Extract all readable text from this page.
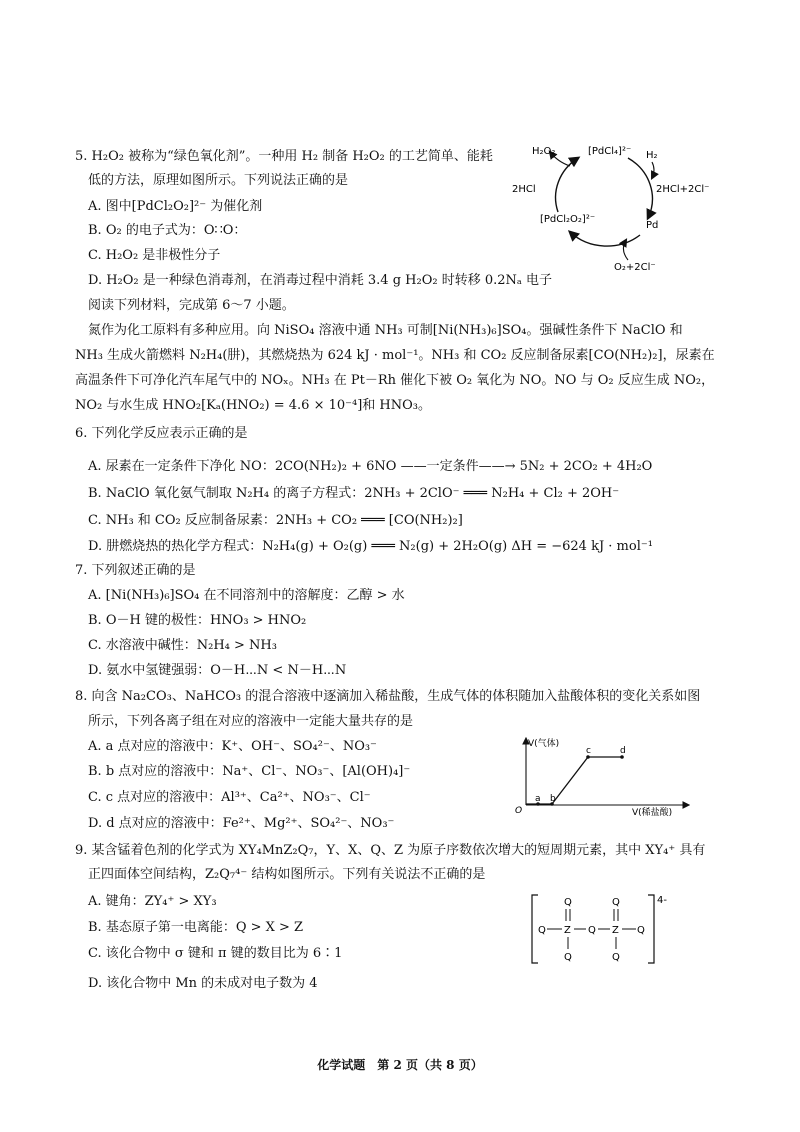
5. H₂O₂ 被称为“绿色氧化剂”。一种用 H₂ 制备 H₂O₂ 的工艺简单、能耗
低的方法，原理如图所示。下列说法正确的是
A. 图中[PdCl₂O₂]²⁻ 为催化剂
B. O₂ 的电子式为：O∷O：
C. H₂O₂ 是非极性分子
D. H₂O₂ 是一种绿色消毒剂，在消毒过程中消耗 3.4 g H₂O₂ 时转移 0.2Nₐ 电子
[PdCl₄]²⁻
H₂O₂	H₂
2HCl	2HCl+2Cl⁻
[PdCl₂O₂]²⁻
Pd
O₂+2Cl⁻
阅读下列材料，完成第 6～7 小题。
氮作为化工原料有多种应用。向 NiSO₄ 溶液中通 NH₃ 可制[Ni(NH₃)₆]SO₄。强碱性条件下 NaClO 和
NH₃ 生成火箭燃料 N₂H₄(肼)，其燃烧热为 624 kJ · mol⁻¹。NH₃ 和 CO₂ 反应制备尿素[CO(NH₂)₂]，尿素在
高温条件下可净化汽车尾气中的 NOₓ。NH₃ 在 Pt－Rh 催化下被 O₂ 氧化为 NO。NO 与 O₂ 反应生成 NO₂，
NO₂ 与水生成 HNO₂[Kₐ(HNO₂) = 4.6 × 10⁻⁴]和 HNO₃。
6. 下列化学反应表示正确的是
A. 尿素在一定条件下净化 NO：2CO(NH₂)₂ + 6NO ——一定条件——→ 5N₂ + 2CO₂ + 4H₂O
B. NaClO 氧化氨气制取 N₂H₄ 的离子方程式：2NH₃ + 2ClO⁻ ═══ N₂H₄ + Cl₂ + 2OH⁻
C. NH₃ 和 CO₂ 反应制备尿素：2NH₃ + CO₂ ═══ [CO(NH₂)₂]
D. 肼燃烧热的热化学方程式：N₂H₄(g) + O₂(g) ═══ N₂(g) + 2H₂O(g) ΔH = −624 kJ · mol⁻¹
7. 下列叙述正确的是
A. [Ni(NH₃)₆]SO₄ 在不同溶剂中的溶解度：乙醇 > 水
B. O－H 键的极性：HNO₃ > HNO₂
C. 水溶液中碱性：N₂H₄ > NH₃
D. 氨水中氢键强弱：O－H⋯N < N－H⋯N
8. 向含 Na₂CO₃、NaHCO₃ 的混合溶液中逐滴加入稀盐酸，生成气体的体积随加入盐酸体积的变化关系如图
所示，下列各离子组在对应的溶液中一定能大量共存的是
A. a 点对应的溶液中：K⁺、OH⁻、SO₄²⁻、NO₃⁻
B. b 点对应的溶液中：Na⁺、Cl⁻、NO₃⁻、[Al(OH)₄]⁻
C. c 点对应的溶液中：Al³⁺、Ca²⁺、NO₃⁻、Cl⁻
D. d 点对应的溶液中：Fe²⁺、Mg²⁺、SO₄²⁻、NO₃⁻
V(气体)
V(稀盐酸)
O
a b
c	d
9. 某含锰着色剂的化学式为 XY₄MnZ₂Q₇，Y、X、Q、Z 为原子序数依次增大的短周期元素，其中 XY₄⁺ 具有
正四面体空间结构，Z₂Q₇⁴⁻ 结构如图所示。下列有关说法不正确的是
A. 键角：ZY₄⁺ > XY₃
B. 基态原子第一电离能：Q > X > Z
C. 该化合物中 σ 键和 π 键的数目比为 6∶1
D. 该化合物中 Mn 的未成对电子数为 4
Q	Q
Q Z Q Z Q
Q	Q
4-
化学试题　第 2 页（共 8 页）
